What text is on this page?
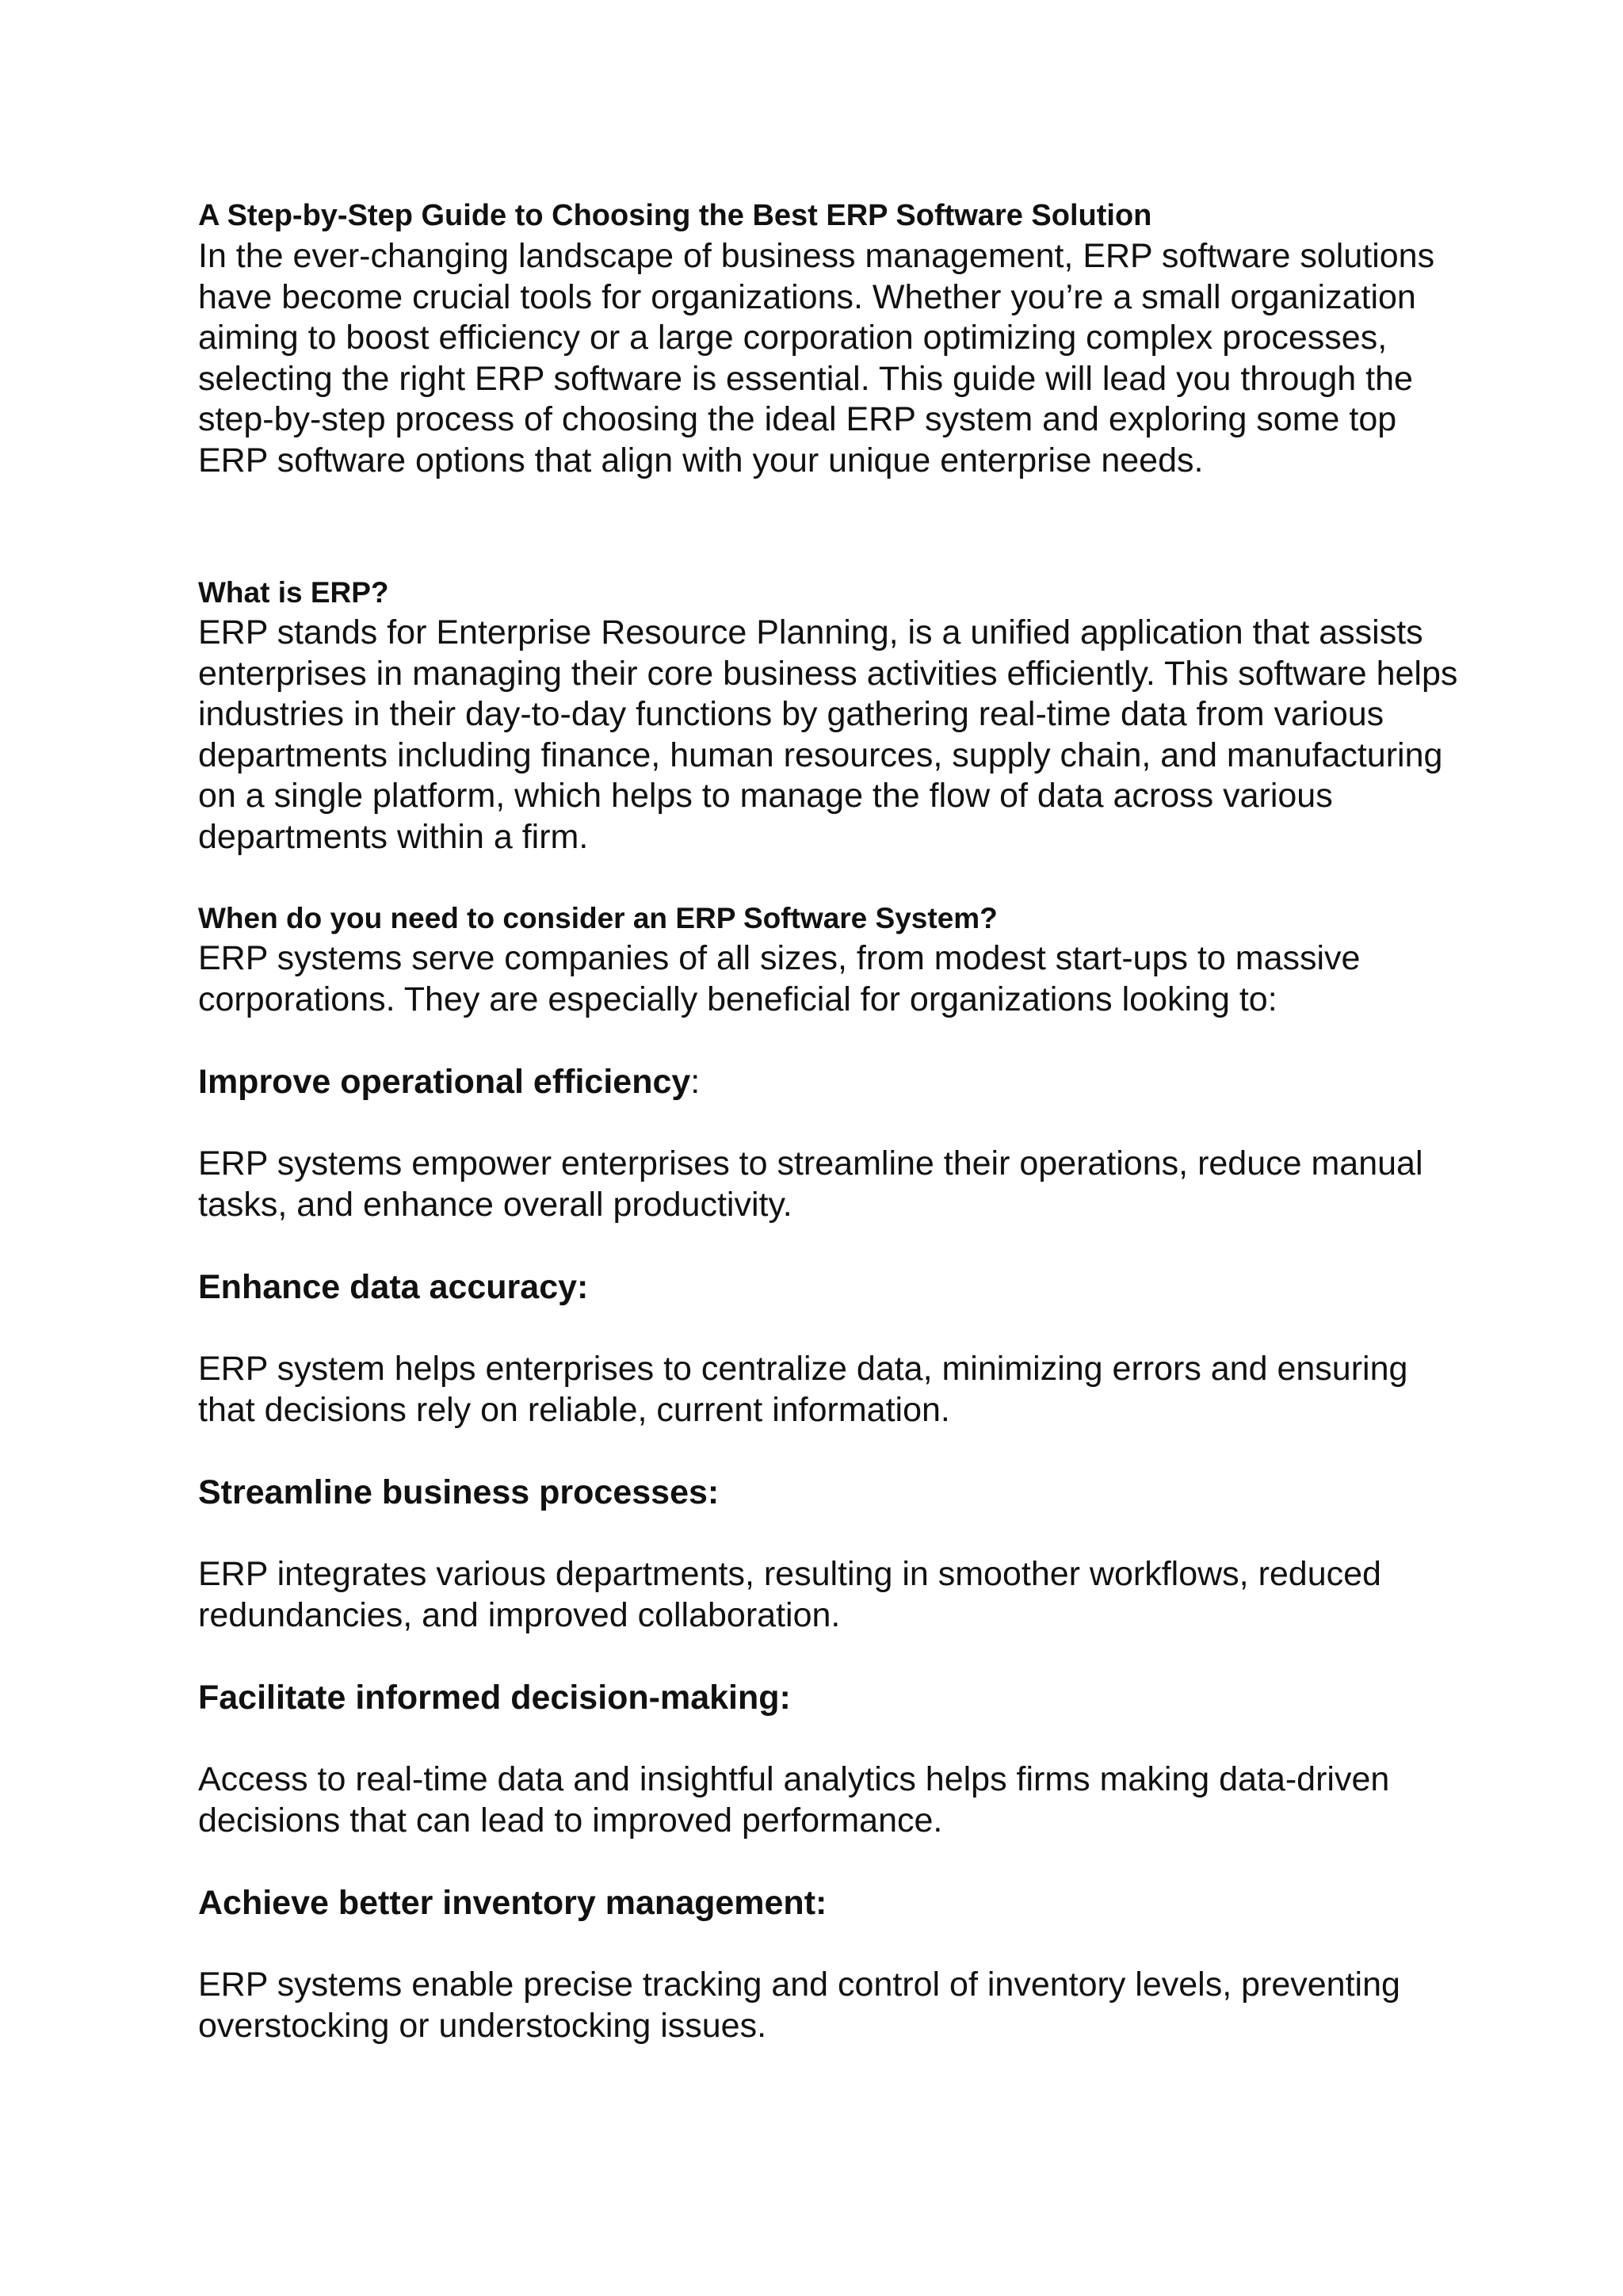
A Step-by-Step Guide to Choosing the Best ERP Software Solution

In the ever-changing landscape of business management, ERP software solutions have become crucial tools for organizations. Whether you’re a small organization aiming to boost efficiency or a large corporation optimizing complex processes, selecting the right ERP software is essential. This guide will lead you through the step-by-step process of choosing the ideal ERP system and exploring some top ERP software options that align with your unique enterprise needs.

What is ERP?

ERP stands for Enterprise Resource Planning, is a unified application that assists enterprises in managing their core business activities efficiently. This software helps industries in their day-to-day functions by gathering real-time data from various departments including finance, human resources, supply chain, and manufacturing on a single platform, which helps to manage the flow of data across various departments within a firm.

When do you need to consider an ERP Software System?

ERP systems serve companies of all sizes, from modest start-ups to massive corporations. They are especially beneficial for organizations looking to:

Improve operational efficiency:

ERP systems empower enterprises to streamline their operations, reduce manual tasks, and enhance overall productivity.

Enhance data accuracy:

ERP system helps enterprises to centralize data, minimizing errors and ensuring that decisions rely on reliable, current information.

Streamline business processes:

ERP integrates various departments, resulting in smoother workflows, reduced redundancies, and improved collaboration.

Facilitate informed decision-making:

Access to real-time data and insightful analytics helps firms making data-driven decisions that can lead to improved performance.

Achieve better inventory management:

ERP systems enable precise tracking and control of inventory levels, preventing overstocking or understocking issues.
